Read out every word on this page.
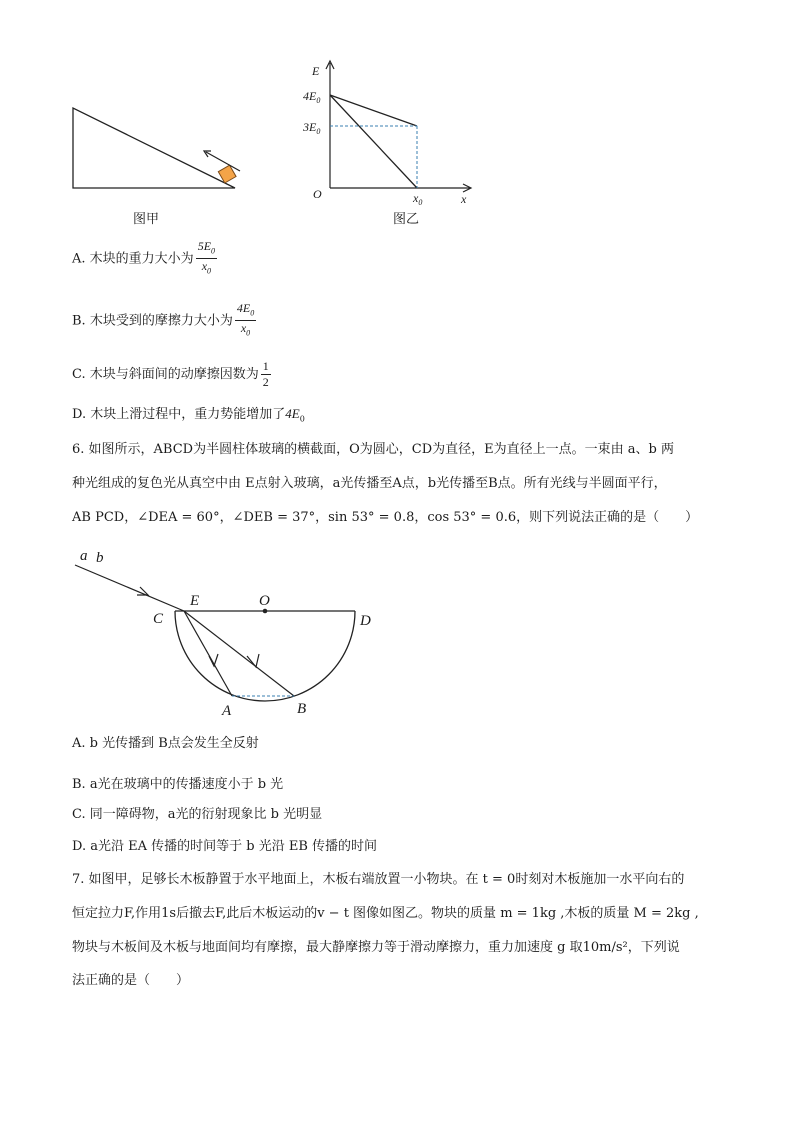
图甲
E
$4E_0$
$3E_0$
O	$x_0$	x
图乙
A. 木块的重力大小为 $\frac{5E_0}{x_0}$
B. 木块受到的摩擦力大小为 $\frac{4E_0}{x_0}$
C. 木块与斜面间的动摩擦因数为 $\frac{1}{2}$
D. 木块上滑过程中，重力势能增加了$4E_0$
6. 如图所示，ABCD为半圆柱体玻璃的横截面，O为圆心，CD为直径，E为直径上一点。一束由 a、b 两
种光组成的复色光从真空中由 E点射入玻璃，a光传播至A点，b光传播至B点。所有光线与半圆面平行，
AB PCD，∠DEA = 60°，∠DEB = 37°，sin 53° = 0.8，cos 53° = 0.6，则下列说法正确的是（　　）
a b
C
E	O
D
A	B
A. b 光传播到 B点会发生全反射
B. a光在玻璃中的传播速度小于 b 光
C. 同一障碍物，a光的衍射现象比 b 光明显
D. a光沿 EA 传播的时间等于 b 光沿 EB 传播的时间
7. 如图甲，足够长木板静置于水平地面上，木板右端放置一小物块。在 t = 0时刻对木板施加一水平向右的
恒定拉力F,作用1s后撤去F,此后木板运动的v − t 图像如图乙。物块的质量 m = 1kg ,木板的质量 M = 2kg ,
物块与木板间及木板与地面间均有摩擦，最大静摩擦力等于滑动摩擦力，重力加速度 g 取10m/s²，下列说
法正确的是（　　）
